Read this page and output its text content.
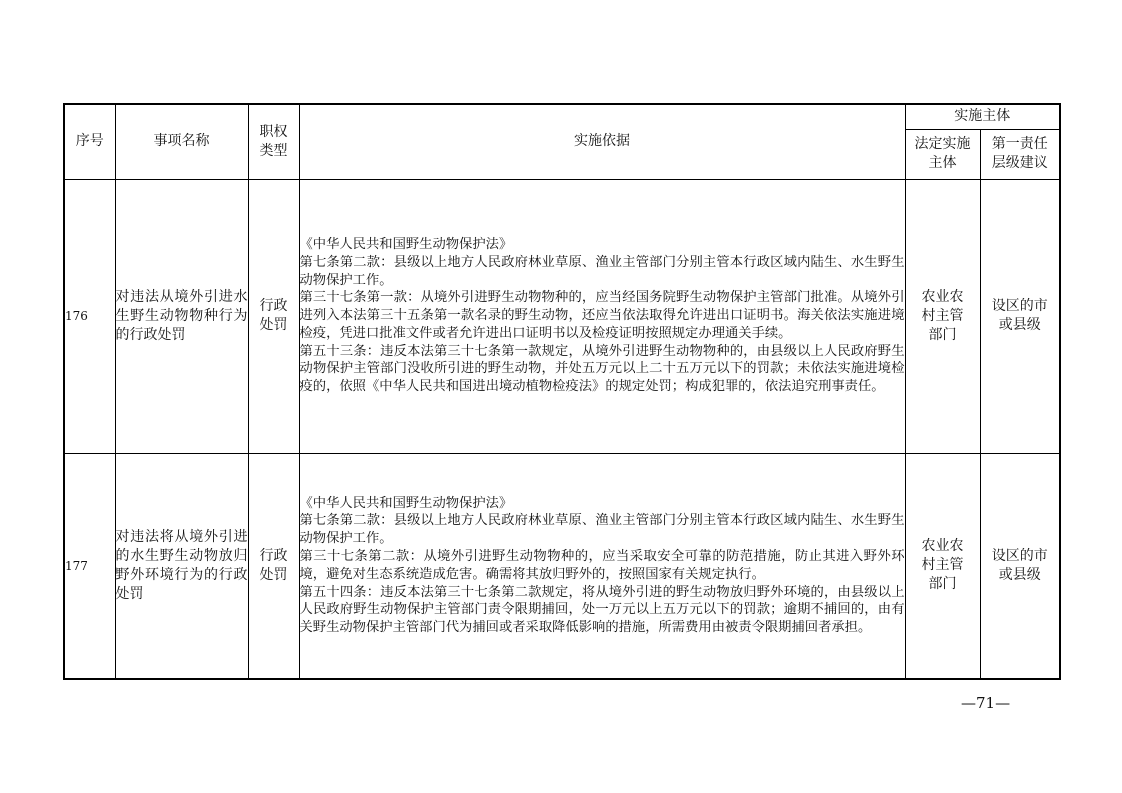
序号	事项名称	职权类型	实施依据	实施主体	

				法定实施主体	第一责任层级建议

176	对违法从境外引进水生野生动物物种行为的行政处罚	行政处罚	《中华人民共和国野生动物保护法》
第七条第二款：县级以上地方人民政府林业草原、渔业主管部门分别主管本行政区域内陆生、水生野生动物保护工作。
第三十七条第一款：从境外引进野生动物物种的，应当经国务院野生动物保护主管部门批准。从境外引进列入本法第三十五条第一款名录的野生动物，还应当依法取得允许进出口证明书。海关依法实施进境检疫，凭进口批准文件或者允许进出口证明书以及检疫证明按照规定办理通关手续。
第五十三条：违反本法第三十七条第一款规定，从境外引进野生动物物种的，由县级以上人民政府野生动物保护主管部门没收所引进的野生动物，并处五万元以上二十五万元以下的罚款；未依法实施进境检疫的，依照《中华人民共和国进出境动植物检疫法》的规定处罚；构成犯罪的，依法追究刑事责任。	农业农村主管部门	设区的市或县级

177	对违法将从境外引进的水生野生动物放归野外环境行为的行政处罚	行政处罚	《中华人民共和国野生动物保护法》
第七条第二款：县级以上地方人民政府林业草原、渔业主管部门分别主管本行政区域内陆生、水生野生动物保护工作。
第三十七条第二款：从境外引进野生动物物种的，应当采取安全可靠的防范措施，防止其进入野外环境，避免对生态系统造成危害。确需将其放归野外的，按照国家有关规定执行。
第五十四条：违反本法第三十七条第二款规定，将从境外引进的野生动物放归野外环境的，由县级以上人民政府野生动物保护主管部门责令限期捕回，处一万元以上五万元以下的罚款；逾期不捕回的，由有关野生动物保护主管部门代为捕回或者采取降低影响的措施，所需费用由被责令限期捕回者承担。	农业农村主管部门	设区的市或县级
—71—
